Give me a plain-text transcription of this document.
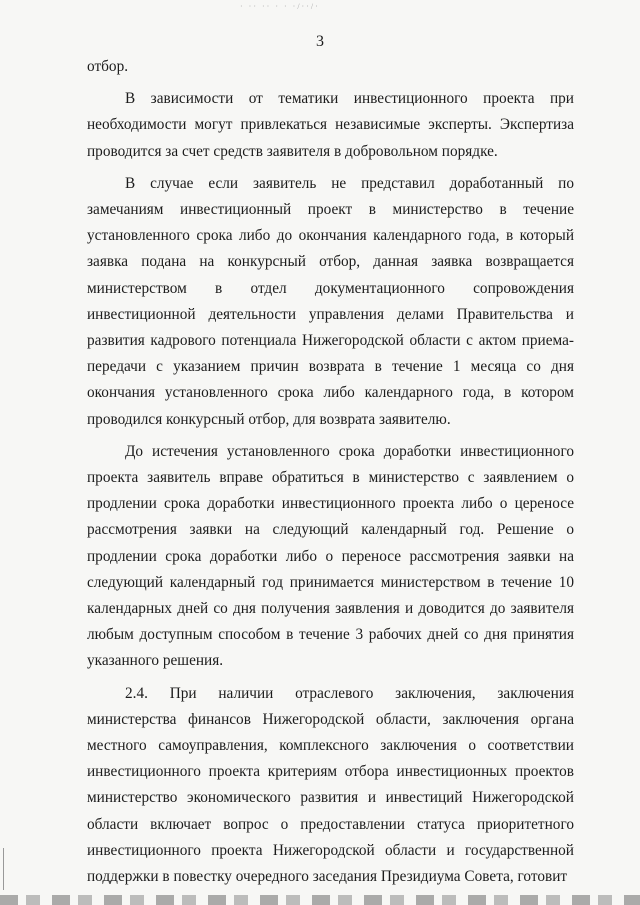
· ·· ·· · · ·/··/·
3

отбор.

В зависимости от тематики инвестиционного проекта при необходимости могут привлекаться независимые эксперты. Экспертиза проводится за счет средств заявителя в добровольном порядке.

В случае если заявитель не представил доработанный по замечаниям инвестиционный проект в министерство в течение установленного срока либо до окончания календарного года, в который заявка подана на конкурсный отбор, данная заявка возвращается министерством в отдел документационного сопровождения инвестиционной деятельности управления делами Правительства и развития кадрового потенциала Нижегородской области с актом приема-передачи с указанием причин возврата в течение 1 месяца со дня окончания установленного срока либо календарного года, в котором проводился конкурсный отбор, для возврата заявителю.

До истечения установленного срока доработки инвестиционного проекта заявитель вправе обратиться в министерство с заявлением о продлении срока доработки инвестиционного проекта либо о цереносе рассмотрения заявки на следующий календарный год. Решение о продлении срока доработки либо о переносе рассмотрения заявки на следующий календарный год принимается министерством в течение 10 календарных дней со дня получения заявления и доводится до заявителя любым доступным способом в течение 3 рабочих дней со дня принятия указанного решения.

2.4. При наличии отраслевого заключения, заключения министерства финансов Нижегородской области, заключения органа местного самоуправления, комплексного заключения о соответствии инвестиционного проекта критериям отбора инвестиционных проектов министерство экономического развития и инвестиций Нижегородской области включает вопрос о предоставлении статуса приоритетного инвестиционного проекта Нижегородской области и государственной поддержки в повестку очередного заседания Президиума Совета, готовит
